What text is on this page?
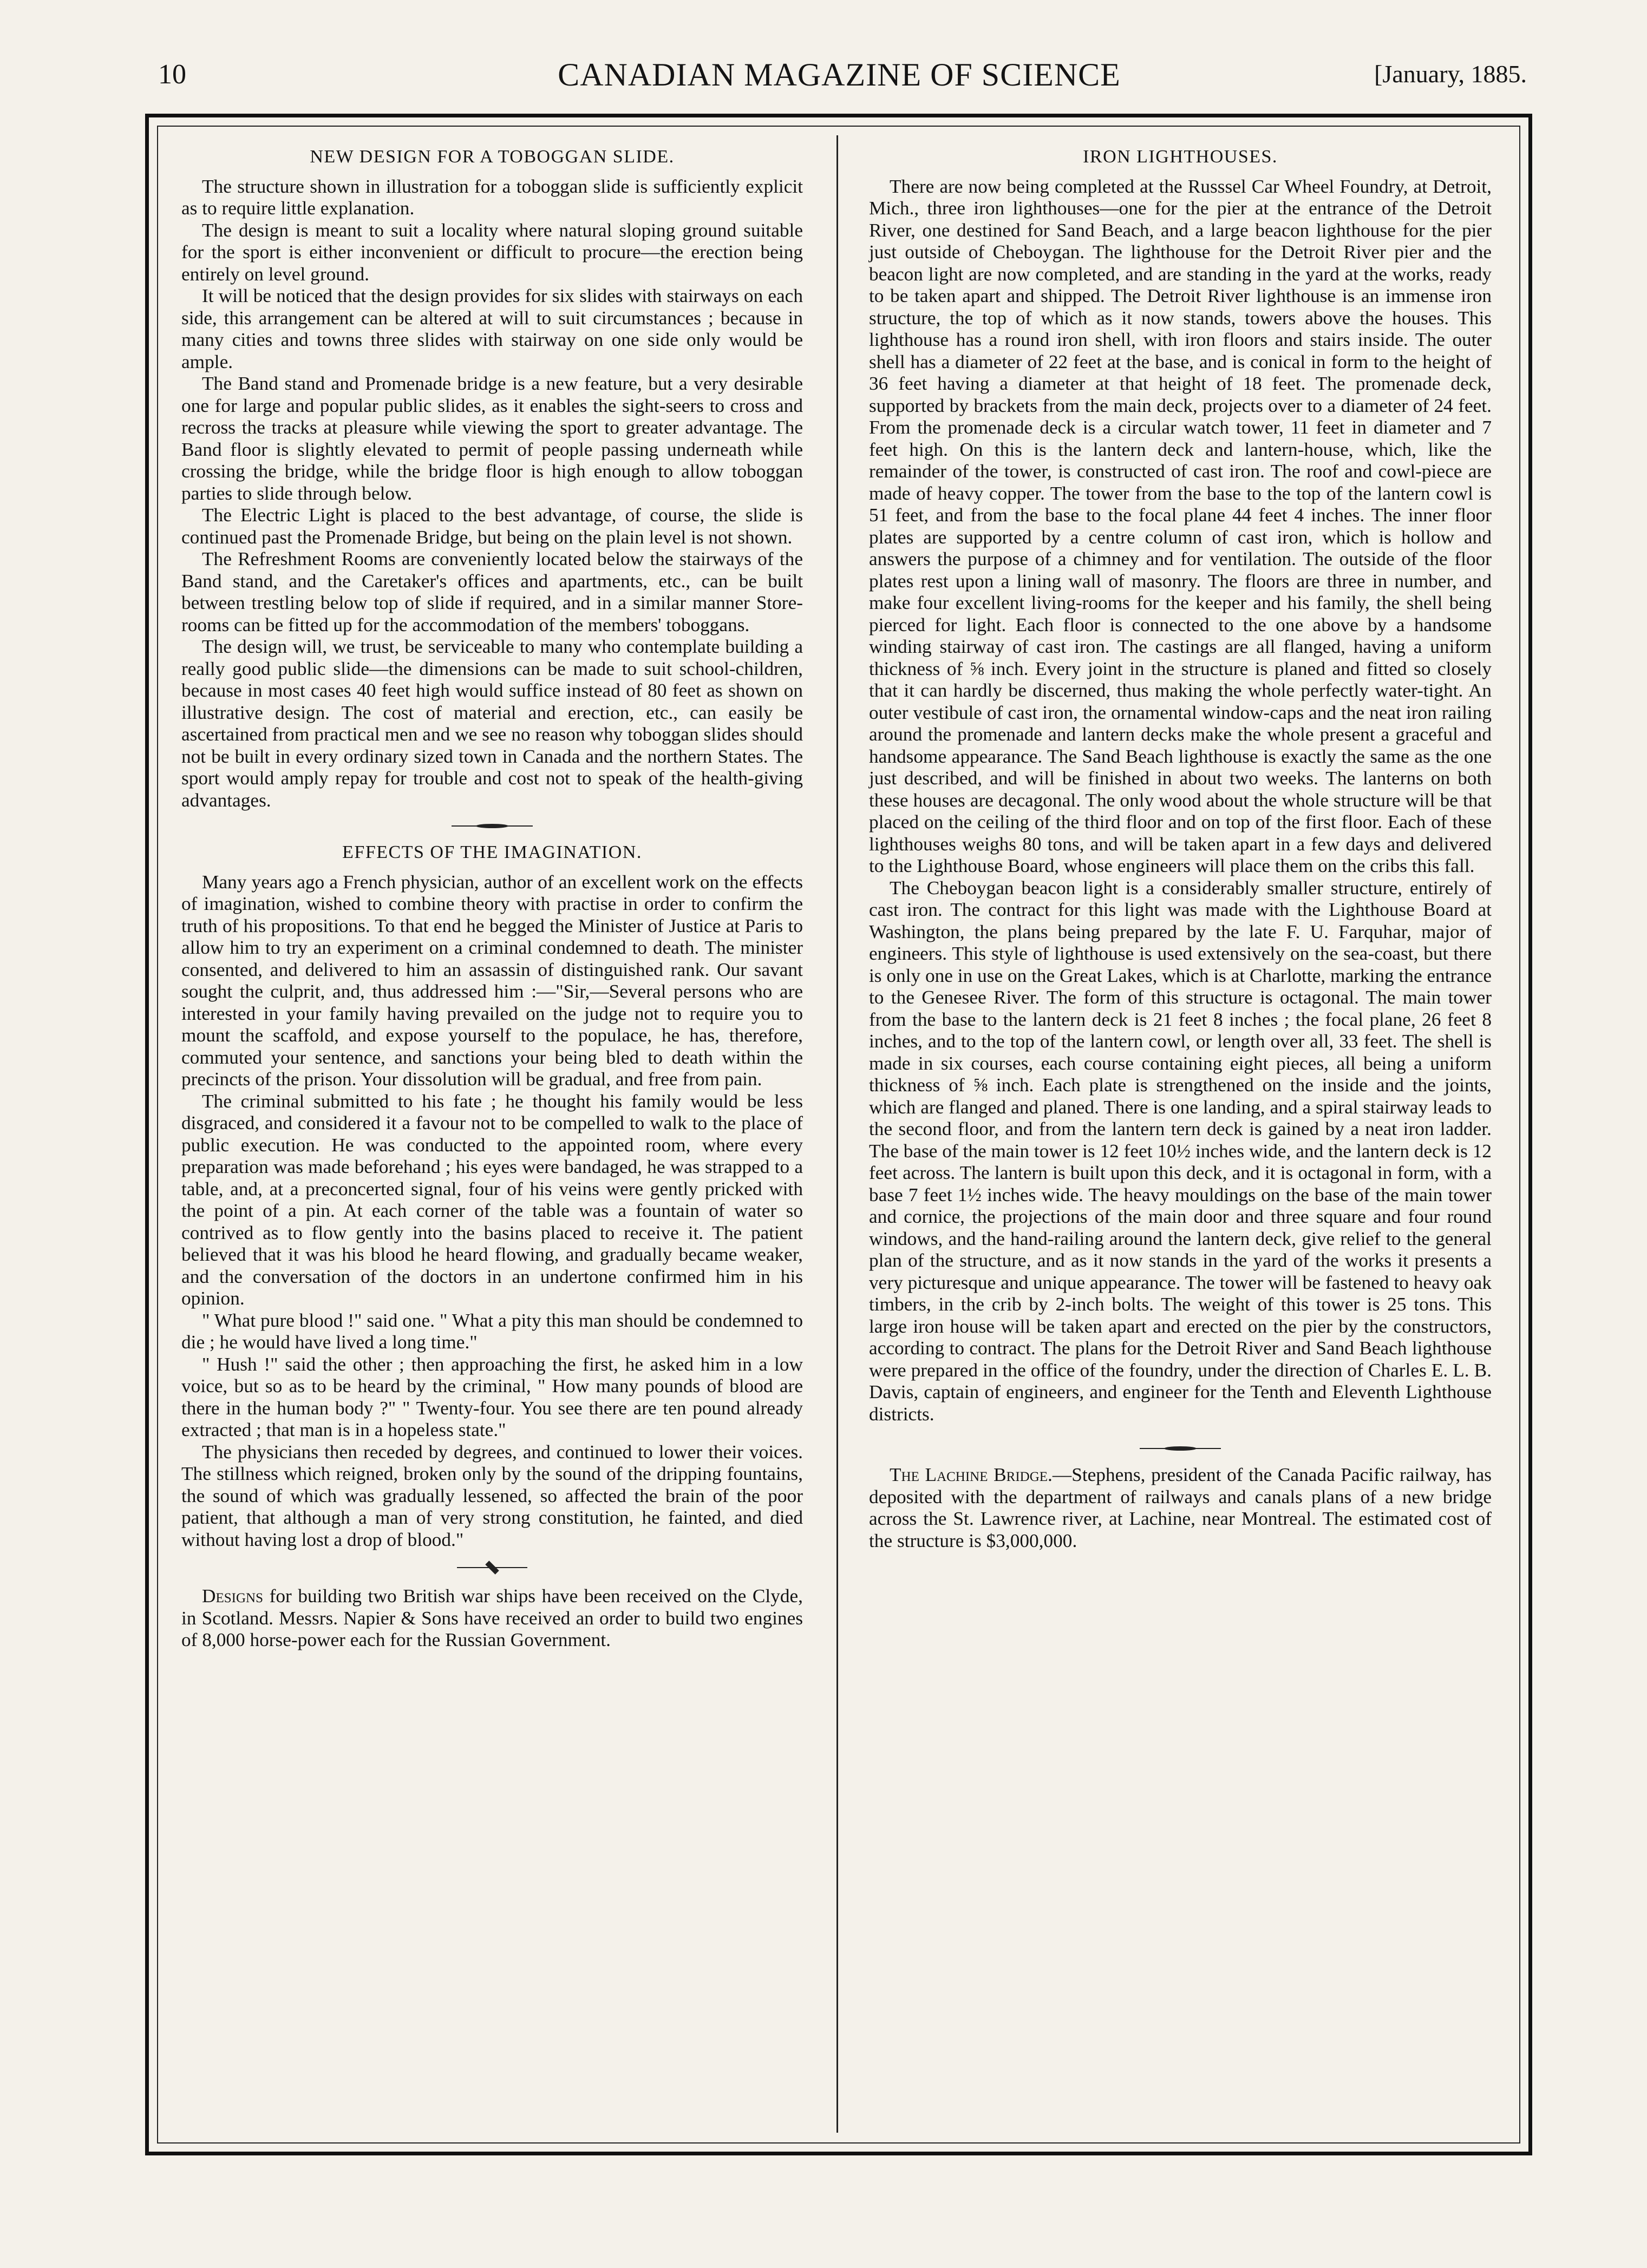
10	CANADIAN MAGAZINE OF SCIENCE	[January, 1885.
NEW DESIGN FOR A TOBOGGAN SLIDE.

The structure shown in illustration for a toboggan slide is sufficiently explicit as to require little explanation.

The design is meant to suit a locality where natural sloping ground suitable for the sport is either inconvenient or difficult to procure—the erection being entirely on level ground.

It will be noticed that the design provides for six slides with stairways on each side, this arrangement can be altered at will to suit circumstances ; because in many cities and towns three slides with stairway on one side only would be ample.

The Band stand and Promenade bridge is a new feature, but a very desirable one for large and popular public slides, as it enables the sight-seers to cross and recross the tracks at pleasure while viewing the sport to greater advantage. The Band floor is slightly elevated to permit of people passing underneath while crossing the bridge, while the bridge floor is high enough to allow toboggan parties to slide through below.

The Electric Light is placed to the best advantage, of course, the slide is continued past the Promenade Bridge, but being on the plain level is not shown.

The Refreshment Rooms are conveniently located below the stairways of the Band stand, and the Caretaker's offices and apartments, etc., can be built between trestling below top of slide if required, and in a similar manner Store-rooms can be fitted up for the accommodation of the members' toboggans.

The design will, we trust, be serviceable to many who contemplate building a really good public slide—the dimensions can be made to suit school-children, because in most cases 40 feet high would suffice instead of 80 feet as shown on illustrative design. The cost of material and erection, etc., can easily be ascertained from practical men and we see no reason why toboggan slides should not be built in every ordinary sized town in Canada and the northern States. The sport would amply repay for trouble and cost not to speak of the health-giving advantages.

EFFECTS OF THE IMAGINATION.

Many years ago a French physician, author of an excellent work on the effects of imagination, wished to combine theory with practise in order to confirm the truth of his propositions. To that end he begged the Minister of Justice at Paris to allow him to try an experiment on a criminal condemned to death. The minister consented, and delivered to him an assassin of distinguished rank. Our savant sought the culprit, and, thus addressed him :—"Sir,—Several persons who are interested in your family having prevailed on the judge not to require you to mount the scaffold, and expose yourself to the populace, he has, therefore, commuted your sentence, and sanctions your being bled to death within the precincts of the prison. Your dissolution will be gradual, and free from pain.

The criminal submitted to his fate ; he thought his family would be less disgraced, and considered it a favour not to be compelled to walk to the place of public execution. He was conducted to the appointed room, where every preparation was made beforehand ; his eyes were bandaged, he was strapped to a table, and, at a preconcerted signal, four of his veins were gently pricked with the point of a pin. At each corner of the table was a fountain of water so contrived as to flow gently into the basins placed to receive it. The patient believed that it was his blood he heard flowing, and gradually became weaker, and the conversation of the doctors in an undertone confirmed him in his opinion.

" What pure blood !" said one. " What a pity this man should be condemned to die ; he would have lived a long time."

" Hush !" said the other ; then approaching the first, he asked him in a low voice, but so as to be heard by the criminal, " How many pounds of blood are there in the human body ?" " Twenty-four. You see there are ten pound already extracted ; that man is in a hopeless state."

The physicians then receded by degrees, and continued to lower their voices. The stillness which reigned, broken only by the sound of the dripping fountains, the sound of which was gradually lessened, so affected the brain of the poor patient, that although a man of very strong constitution, he fainted, and died without having lost a drop of blood."

Designs for building two British war ships have been received on the Clyde, in Scotland. Messrs. Napier & Sons have received an order to build two engines of 8,000 horse-power each for the Russian Government.

IRON LIGHTHOUSES.

There are now being completed at the Russsel Car Wheel Foundry, at Detroit, Mich., three iron lighthouses—one for the pier at the entrance of the Detroit River, one destined for Sand Beach, and a large beacon lighthouse for the pier just outside of Cheboygan. The lighthouse for the Detroit River pier and the beacon light are now completed, and are standing in the yard at the works, ready to be taken apart and shipped. The Detroit River lighthouse is an immense iron structure, the top of which as it now stands, towers above the houses. This lighthouse has a round iron shell, with iron floors and stairs inside. The outer shell has a diameter of 22 feet at the base, and is conical in form to the height of 36 feet having a diameter at that height of 18 feet. The promenade deck, supported by brackets from the main deck, projects over to a diameter of 24 feet. From the promenade deck is a circular watch tower, 11 feet in diameter and 7 feet high. On this is the lantern deck and lantern-house, which, like the remainder of the tower, is constructed of cast iron. The roof and cowl-piece are made of heavy copper. The tower from the base to the top of the lantern cowl is 51 feet, and from the base to the focal plane 44 feet 4 inches. The inner floor plates are supported by a centre column of cast iron, which is hollow and answers the purpose of a chimney and for ventilation. The outside of the floor plates rest upon a lining wall of masonry. The floors are three in number, and make four excellent living-rooms for the keeper and his family, the shell being pierced for light. Each floor is connected to the one above by a handsome winding stairway of cast iron. The castings are all flanged, having a uniform thickness of ⅝ inch. Every joint in the structure is planed and fitted so closely that it can hardly be discerned, thus making the whole perfectly water-tight. An outer vestibule of cast iron, the ornamental window-caps and the neat iron railing around the promenade and lantern decks make the whole present a graceful and handsome appearance. The Sand Beach lighthouse is exactly the same as the one just described, and will be finished in about two weeks. The lanterns on both these houses are decagonal. The only wood about the whole structure will be that placed on the ceiling of the third floor and on top of the first floor. Each of these lighthouses weighs 80 tons, and will be taken apart in a few days and delivered to the Lighthouse Board, whose engineers will place them on the cribs this fall.

The Cheboygan beacon light is a considerably smaller structure, entirely of cast iron. The contract for this light was made with the Lighthouse Board at Washington, the plans being prepared by the late F. U. Farquhar, major of engineers. This style of lighthouse is used extensively on the sea-coast, but there is only one in use on the Great Lakes, which is at Charlotte, marking the entrance to the Genesee River. The form of this structure is octagonal. The main tower from the base to the lantern deck is 21 feet 8 inches ; the focal plane, 26 feet 8 inches, and to the top of the lantern cowl, or length over all, 33 feet. The shell is made in six courses, each course containing eight pieces, all being a uniform thickness of ⅝ inch. Each plate is strengthened on the inside and the joints, which are flanged and planed. There is one landing, and a spiral stairway leads to the second floor, and from the lantern tern deck is gained by a neat iron ladder. The base of the main tower is 12 feet 10½ inches wide, and the lantern deck is 12 feet across. The lantern is built upon this deck, and it is octagonal in form, with a base 7 feet 1½ inches wide. The heavy mouldings on the base of the main tower and cornice, the projections of the main door and three square and four round windows, and the hand-railing around the lantern deck, give relief to the general plan of the structure, and as it now stands in the yard of the works it presents a very picturesque and unique appearance. The tower will be fastened to heavy oak timbers, in the crib by 2-inch bolts. The weight of this tower is 25 tons. This large iron house will be taken apart and erected on the pier by the constructors, according to contract. The plans for the Detroit River and Sand Beach lighthouse were prepared in the office of the foundry, under the direction of Charles E. L. B. Davis, captain of engineers, and engineer for the Tenth and Eleventh Lighthouse districts.

The Lachine Bridge.—Stephens, president of the Canada Pacific railway, has deposited with the department of railways and canals plans of a new bridge across the St. Lawrence river, at Lachine, near Montreal. The estimated cost of the structure is $3,000,000.
